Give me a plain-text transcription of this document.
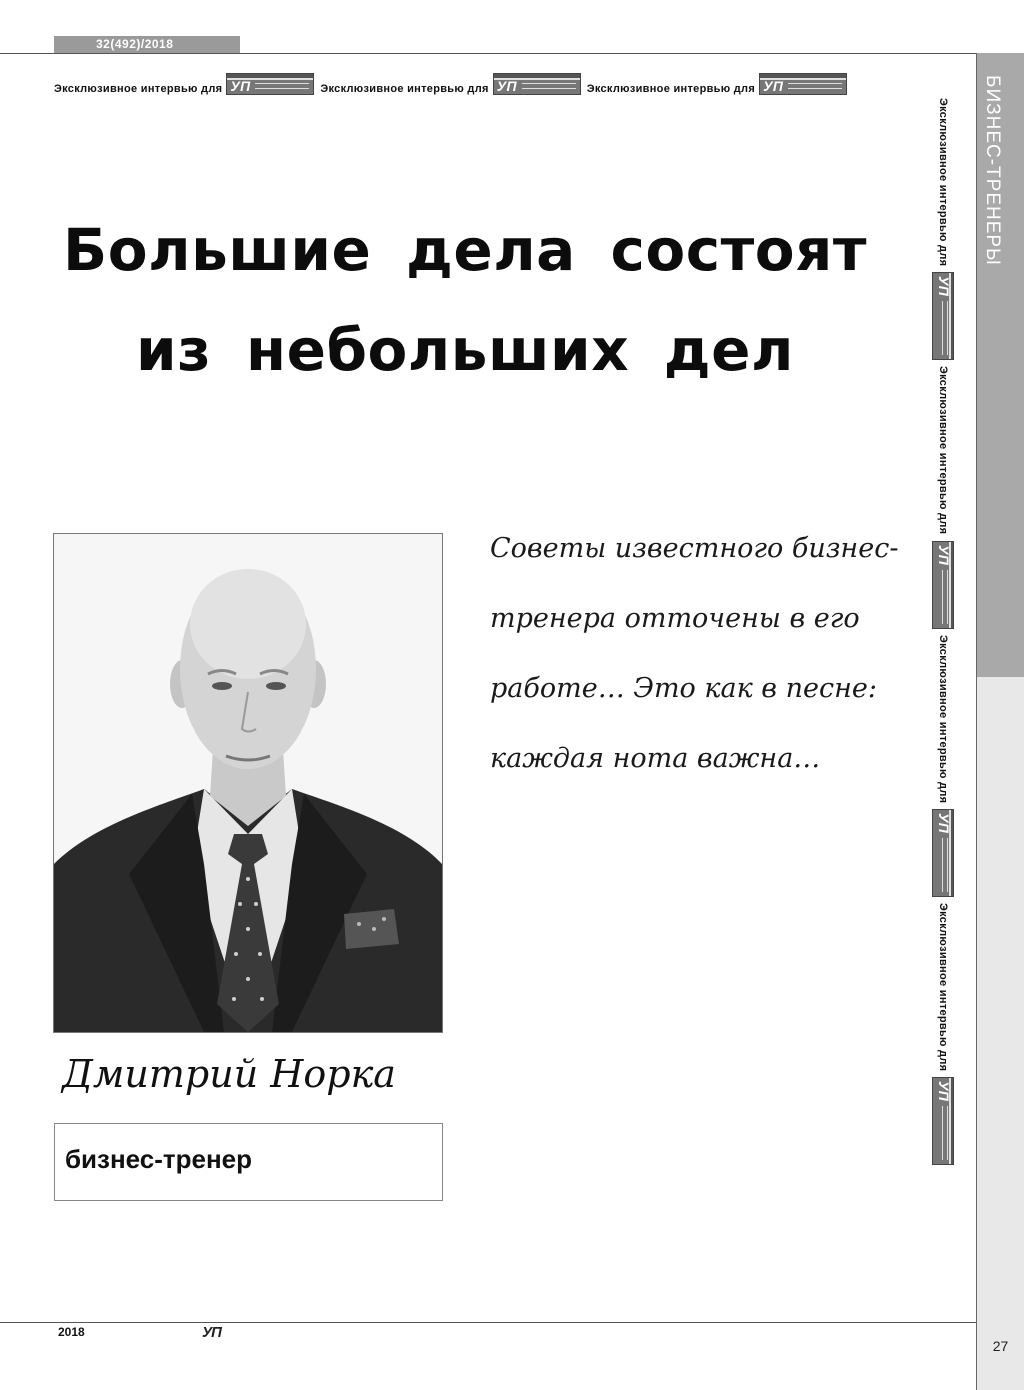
32(492)/2018
Эксклюзивное интервью для УП	Эксклюзивное интервью для УП	Эксклюзивное интервью для
УП
Эксклюзивное интервью для
УП
Эксклюзивное интервью для
УП
Эксклюзивное интервью для
УП
Эксклюзивное интервью для
УП
БИЗНЕС-ТРЕНЕРЫ
27
Большие дела состоят
из небольших дел
Советы известного бизнес-
тренера отточены в его
работе… Это как в песне:
каждая нота важна…
Дмитрий Норка
бизнес-тренер
2018	УП
